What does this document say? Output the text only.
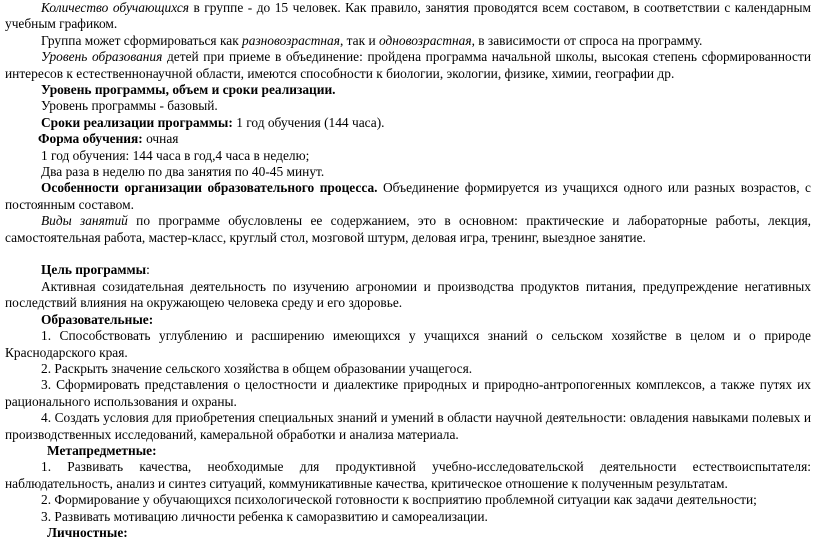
Количество обучающихся в группе - до 15 человек. Как правило, занятия проводятся всем составом, в соответствии с календарным учебным графиком.

Группа может сформироваться как разновозрастная, так и одновозрастная, в зависимости от спроса на программу.

Уровень образования детей при приеме в объединение: пройдена программа начальной школы, высокая степень сформированности интересов к естественнонаучной области, имеются способности к биологии, экологии, физике, химии, географии др.

Уровень программы, объем и сроки реализации.

Уровень программы - базовый.

Сроки реализации программы: 1 год обучения (144 часа).

Форма обучения: очная

1 год обучения: 144 часа в год,4 часа в неделю;

Два раза в неделю по два занятия по 40-45 минут.

Особенности организации образовательного процесса. Объединение формируется из учащихся одного или разных возрастов, с постоянным составом.

Виды занятий по программе обусловлены ее содержанием, это в основном: практические и лабораторные работы, лекция, самостоятельная работа, мастер-класс, круглый стол, мозговой штурм, деловая игра, тренинг, выездное занятие.

Цель программы:

Активная созидательная деятельность по изучению агрономии и производства продуктов питания, предупреждение негативных последствий влияния на окружающею человека среду и его здоровье.

Образовательные:

1. Способствовать углублению и расширению имеющихся у учащихся знаний о сельском хозяйстве в целом и о природе Краснодарского края.

2. Раскрыть значение сельского хозяйства в общем образовании учащегося.

3. Сформировать представления о целостности и диалектике природных и природно-антропогенных комплексов, а также путях их рационального использования и охраны.

4. Создать условия для приобретения специальных знаний и умений в области научной деятельности: овладения навыками полевых и производственных исследований, камеральной обработки и анализа материала.

Метапредметные:

1. Развивать качества, необходимые для продуктивной учебно-исследовательской деятельности естествоиспытателя: наблюдательность, анализ и синтез ситуаций, коммуникативные качества, критическое отношение к полученным результатам.

2. Формирование у обучающихся психологической готовности к восприятию проблемной ситуации как задачи деятельности;

3. Развивать мотивацию личности ребенка к саморазвитию и самореализации.

Личностные:
